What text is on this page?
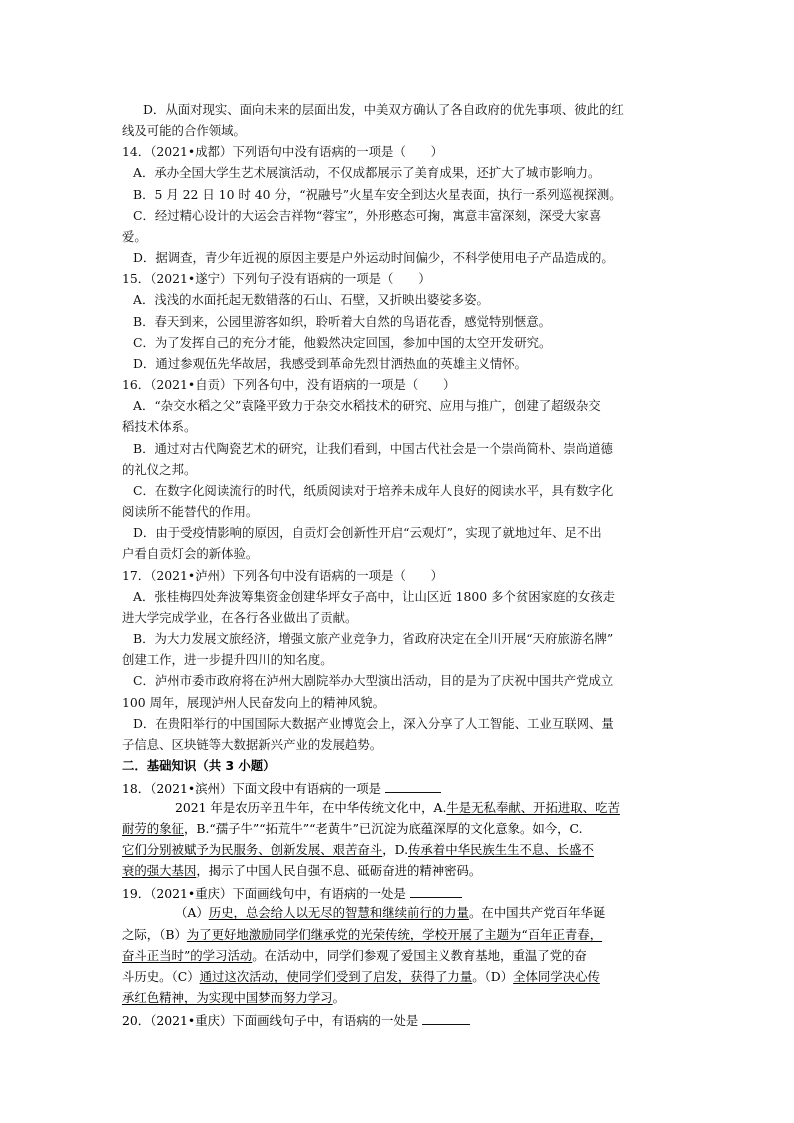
D．从面对现实、面向未来的层面出发，中美双方确认了各自政府的优先事项、彼此的红
线及可能的合作领域。
14．（2021•成都）下列语句中没有语病的一项是（　　）
A．承办全国大学生艺术展演活动，不仅成都展示了美育成果，还扩大了城市影响力。
B．5 月 22 日 10 时 40 分，“祝融号”火星车安全到达火星表面，执行一系列巡视探测。
C．经过精心设计的大运会吉祥物“蓉宝”，外形憨态可掬，寓意丰富深刻，深受大家喜
爱。
D．据调查，青少年近视的原因主要是户外运动时间偏少，不科学使用电子产品造成的。
15．（2021•遂宁）下列句子没有语病的一项是（　　）
A．浅浅的水面托起无数错落的石山、石壁，又折映出婆娑多姿。
B．春天到来，公园里游客如织，聆听着大自然的鸟语花香，感觉特别惬意。
C．为了发挥自己的充分才能，他毅然决定回国，参加中国的太空开发研究。
D．通过参观伍先华故居，我感受到革命先烈甘洒热血的英雄主义情怀。
16．（2021•自贡）下列各句中，没有语病的一项是（　　）
A．“杂交水稻之父”袁隆平致力于杂交水稻技术的研究、应用与推广，创建了超级杂交
稻技术体系。
B．通过对古代陶瓷艺术的研究，让我们看到，中国古代社会是一个崇尚简朴、崇尚道德
的礼仪之邦。
C．在数字化阅读流行的时代，纸质阅读对于培养未成年人良好的阅读水平，具有数字化
阅读所不能替代的作用。
D．由于受疫情影响的原因，自贡灯会创新性开启“云观灯”，实现了就地过年、足不出
户看自贡灯会的新体验。
17．（2021•泸州）下列各句中没有语病的一项是（　　）
A．张桂梅四处奔波筹集资金创建华坪女子高中，让山区近 1800 多个贫困家庭的女孩走
进大学完成学业，在各行各业做出了贡献。
B．为大力发展文旅经济，增强文旅产业竞争力，省政府决定在全川开展“天府旅游名牌”
创建工作，进一步提升四川的知名度。
C．泸州市委市政府将在泸州大剧院举办大型演出活动，目的是为了庆祝中国共产党成立
100 周年，展现泸州人民奋发向上的精神风貌。
D．在贵阳举行的中国国际大数据产业博览会上，深入分享了人工智能、工业互联网、量
子信息、区块链等大数据新兴产业的发展趋势。
二．基础知识（共 3 小题）
18．（2021•滨州）下面文段中有语病的一项是
2021 年是农历辛丑牛年，在中华传统文化中，A.牛是无私奉献、开拓进取、吃苦
耐劳的象征，B.“孺子牛”“拓荒牛”“老黄牛”已沉淀为底蕴深厚的文化意象。如今，C.
它们分别被赋予为民服务、创新发展、艰苦奋斗，D.传承着中华民族生生不息、长盛不
衰的强大基因，揭示了中国人民自强不息、砥砺奋进的精神密码。
19．（2021•重庆）下面画线句中，有语病的一处是
（A）历史，总会给人以无尽的智慧和继续前行的力量。在中国共产党百年华诞
之际，（B）为了更好地激励同学们继承党的光荣传统，学校开展了主题为“百年正青春，
奋斗正当时”的学习活动。在活动中，同学们参观了爱国主义教育基地，重温了党的奋
斗历史。（C）通过这次活动，使同学们受到了启发，获得了力量。（D）全体同学决心传
承红色精神，为实现中国梦而努力学习。
20．（2021•重庆）下面画线句子中，有语病的一处是
